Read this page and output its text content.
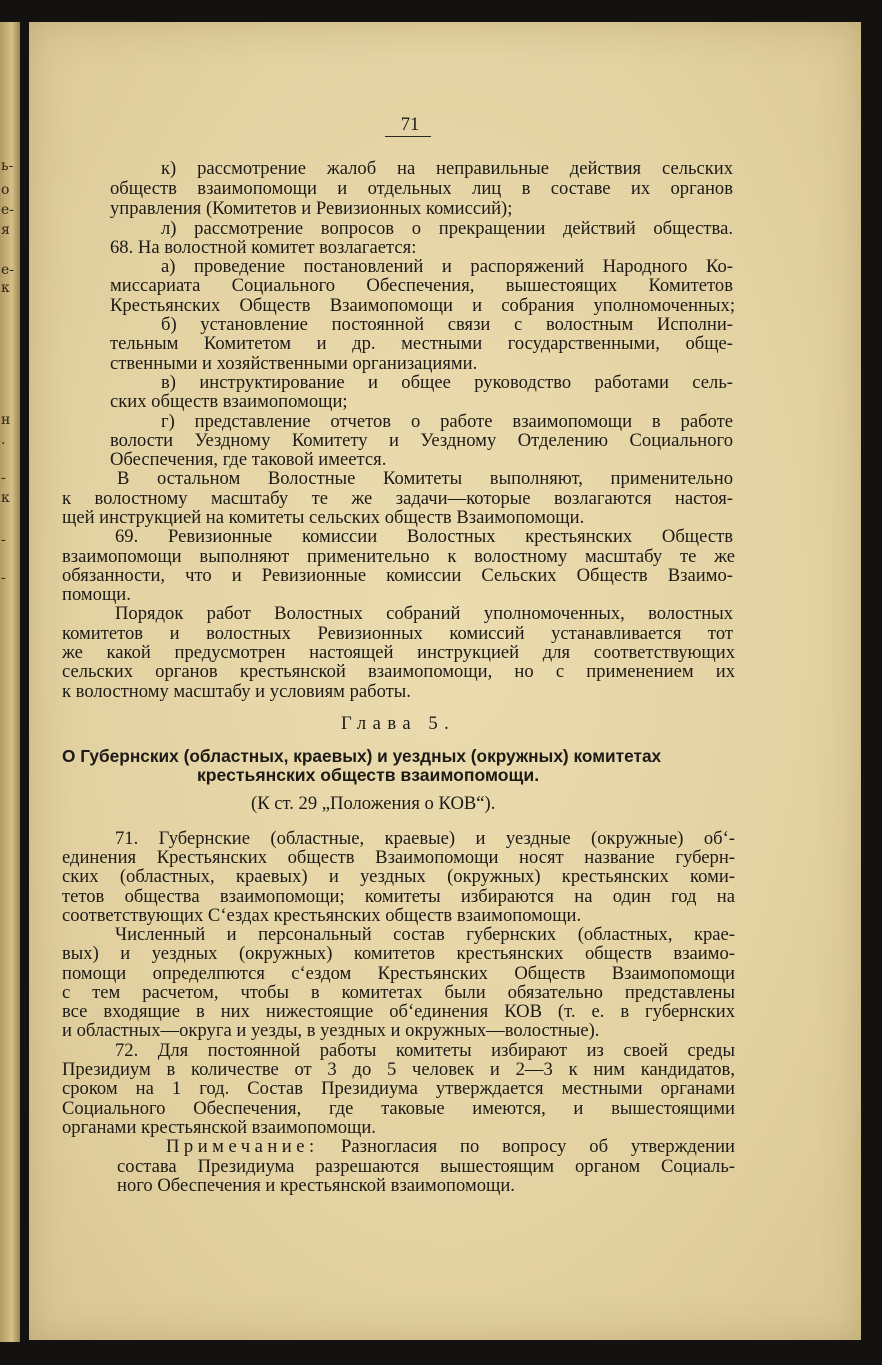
ь-
о
е-
я
е-
к
н
.
-
к
-
-
71
к) рассмотрение жалоб на неправильные действия сельских
обществ взаимопомощи и отдельных лиц в составе их органов
управления (Комитетов и Ревизионных комиссий);
л) рассмотрение вопросов о прекращении действий общества.
68. На волостной комитет возлагается:
а) проведение постановлений и распоряжений Народного Ко-
миссариата Социального Обеспечения, вышестоящих Комитетов
Крестьянских Обществ Взаимопомощи и собрания уполномоченных;
б) установление постоянной связи с волостным Исполни-
тельным Комитетом и др. местными государственными, обще-
ственными и хозяйственными организациями.
в) инструктирование и общее руководство работами сель-
ских обществ взаимопомощи;
г) представление отчетов о работе взаимопомощи в работе
волости Уездному Комитету и Уездному Отделению Социального
Обеспечения, где таковой имеется.
В остальном Волостные Комитеты выполняют, применительно
к волостному масштабу те же задачи—которые возлагаются настоя-
щей инструкцией на комитеты сельских обществ Взаимопомощи.
69. Ревизионные комиссии Волостных крестьянских Обществ
взаимопомощи выполняют применительно к волостному масштабу те же
обязанности, что и Ревизионные комиссии Сельских Обществ Взаимо-
помощи.
Порядок работ Волостных собраний уполномоченных, волостных
комитетов и волостных Ревизионных комиссий устанавливается тот
же какой предусмотрен настоящей инструкцией для соответствующих
сельских органов крестьянской взаимопомощи, но с применением их
к волостному масштабу и условиям работы.
Глава 5.
О Губернских (областных, краевых) и уездных (окружных) комитетах
крестьянских обществ взаимопомощи.
(К ст. 29 „Положения о КОВ“).
71. Губернские (областные, краевые) и уездные (окружные) об‘-
единения Крестьянских обществ Взаимопомощи носят название губерн-
ских (областных, краевых) и уездных (окружных) крестьянских коми-
тетов общества взаимопомощи; комитеты избираются на один год на
соответствующих С‘ездах крестьянских обществ взаимопомощи.
Численный и персональный состав губернских (областных, крае-
вых) и уездных (окружных) комитетов крестьянских обществ взаимо-
помощи определпются с‘ездом Крестьянских Обществ Взаимопомощи
с тем расчетом, чтобы в комитетах были обязательно представлены
все входящие в них нижестоящие об‘единения КОВ (т. е. в губернских
и областных—округа и уезды, в уездных и окружных—волостные).
72. Для постоянной работы комитеты избирают из своей среды
Президиум в количестве от 3 до 5 человек и 2—3 к ним кандидатов,
сроком на 1 год. Состав Президиума утверждается местными органами
Социального Обеспечения, где таковые имеются, и вышестоящими
органами крестьянской взаимопомощи.
Примечание:	Разногласия по вопросу об утверждении
состава Президиума разрешаются вышестоящим органом Социаль-
ного Обеспечения и крестьянской взаимопомощи.
